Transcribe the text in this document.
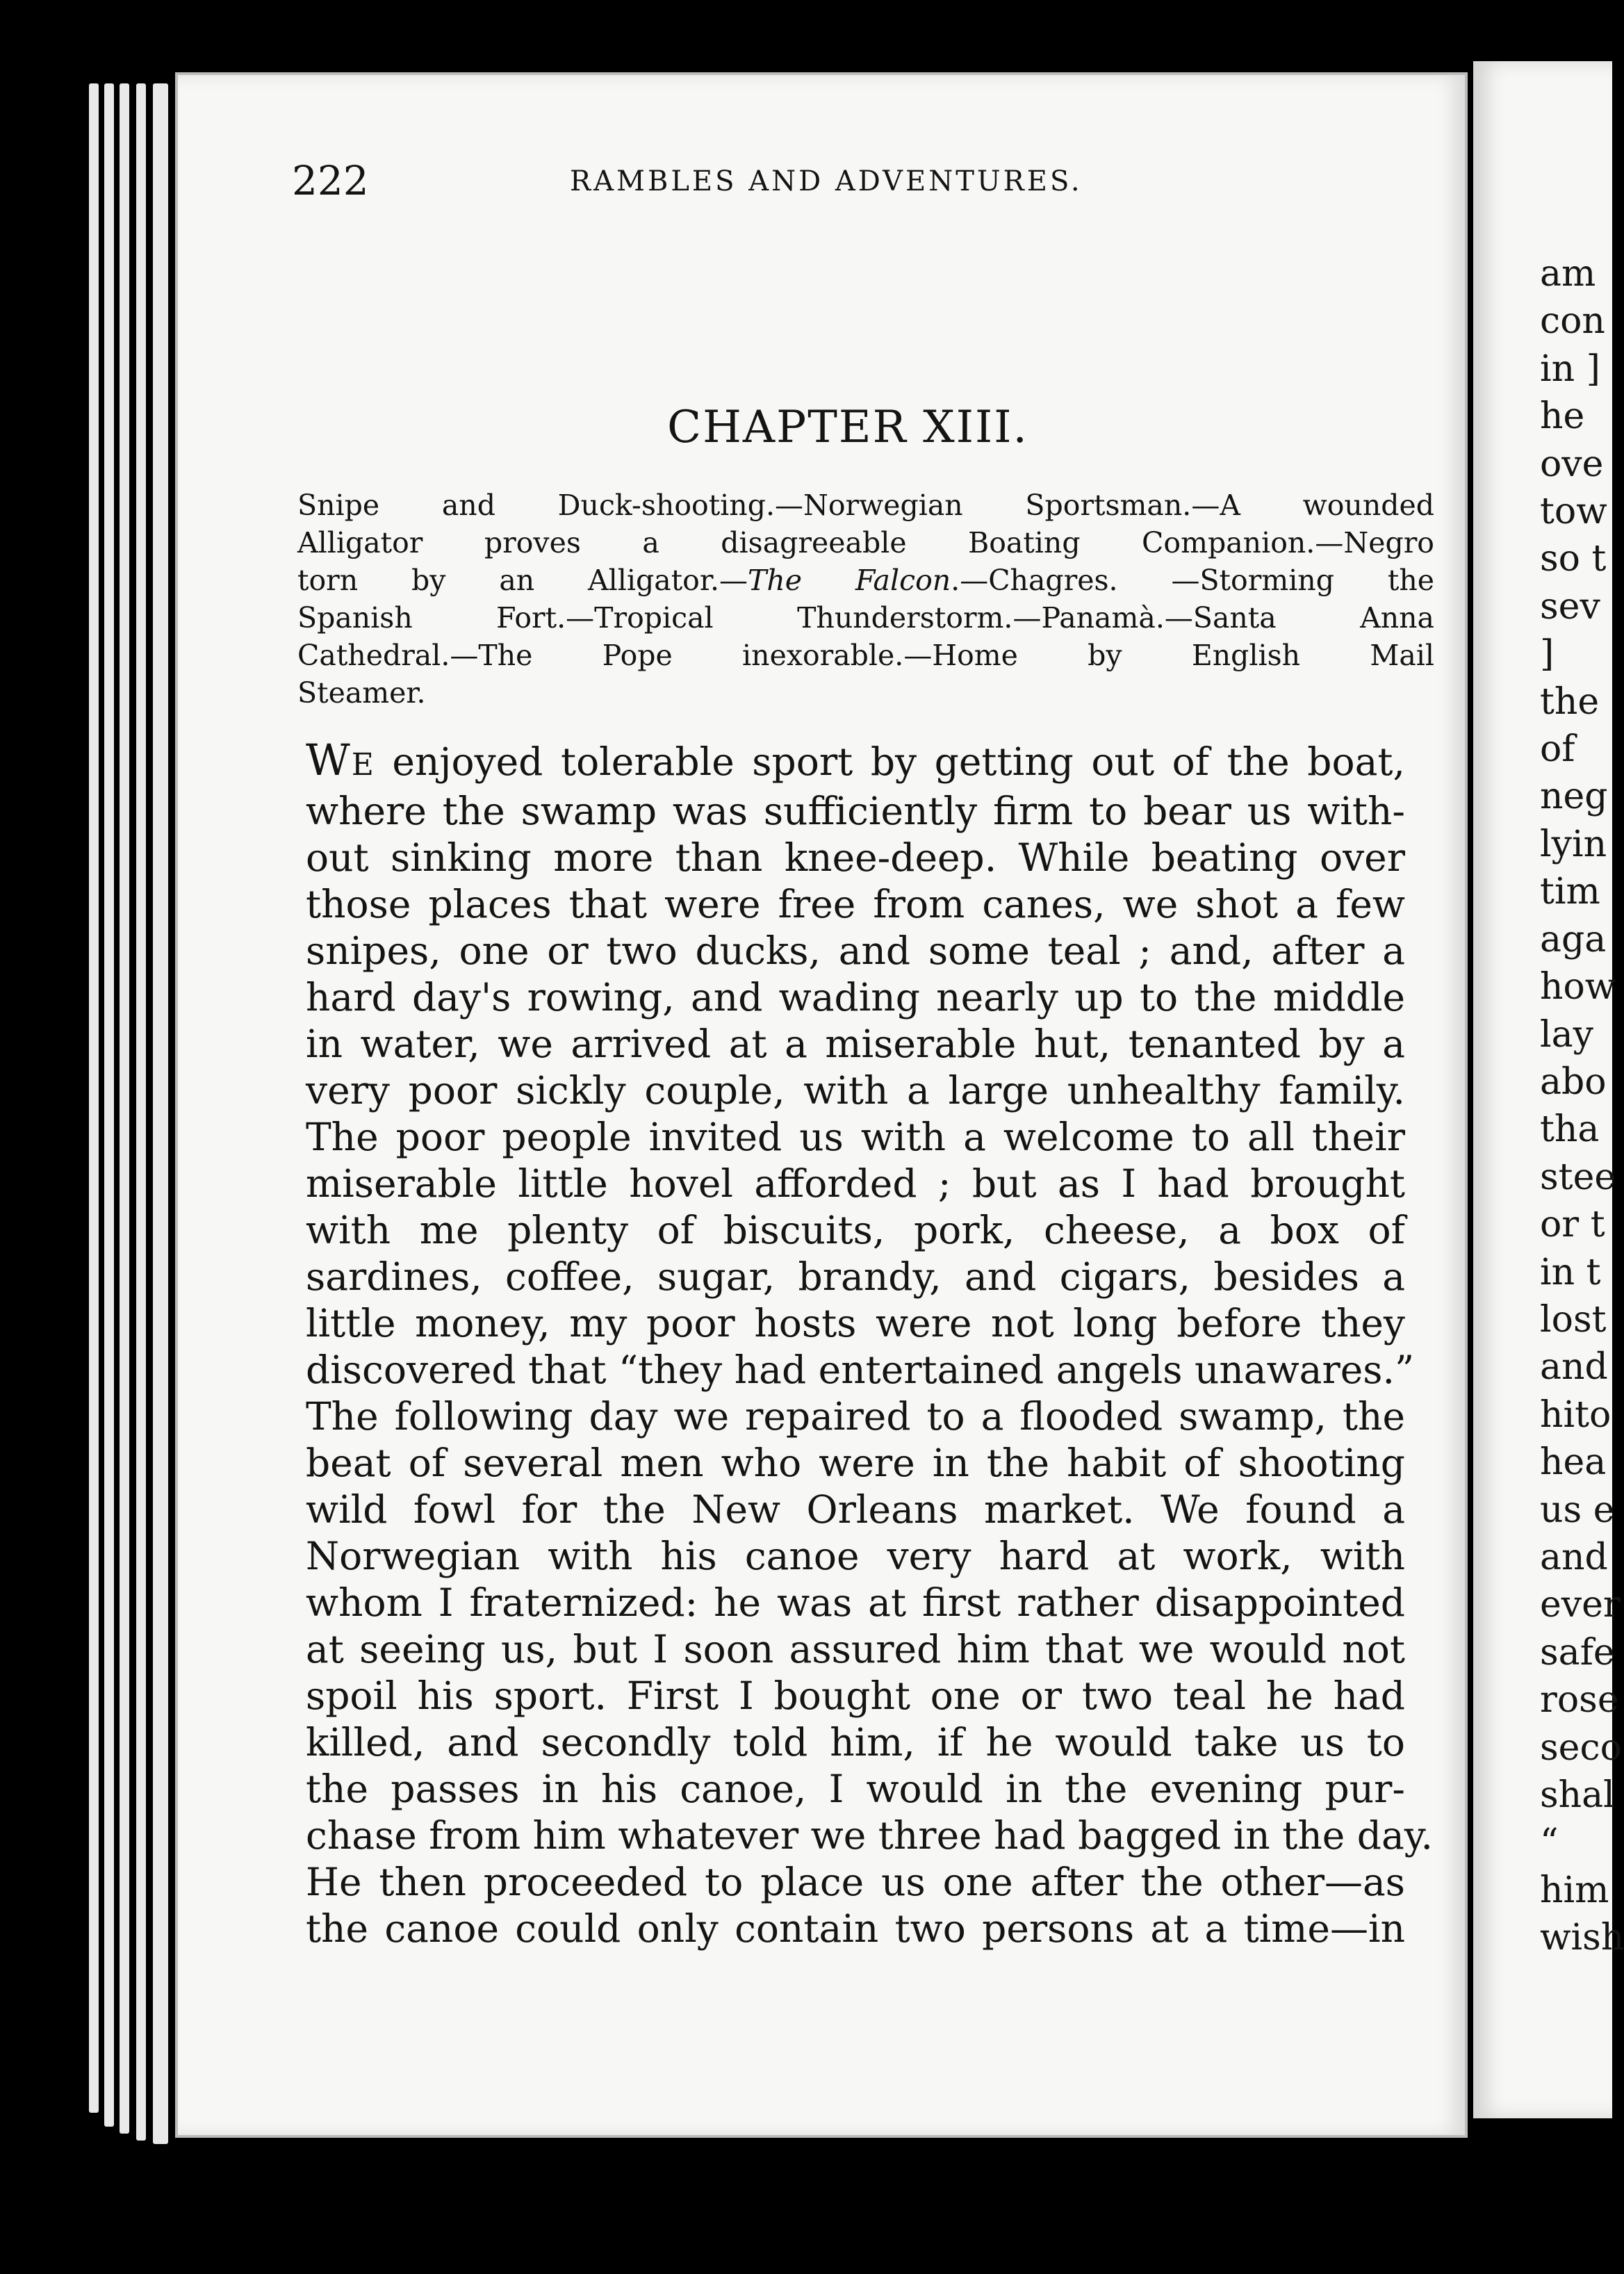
222	RAMBLES AND ADVENTURES.
CHAPTER XIII.
Snipe and Duck-shooting.—Norwegian Sportsman.—A wounded
Alligator proves a disagreeable Boating Companion.—Negro
torn by an Alligator.—The Falcon.—Chagres. —Storming the
Spanish Fort.—Tropical Thunderstorm.—Panamà.—Santa Anna
Cathedral.—The Pope inexorable.—Home by English Mail
Steamer.
WE enjoyed tolerable sport by getting out of the boat,
where the swamp was sufficiently firm to bear us with-
out sinking more than knee-deep. While beating over
those places that were free from canes, we shot a few
snipes, one or two ducks, and some teal ; and, after a
hard day's rowing, and wading nearly up to the middle
in water, we arrived at a miserable hut, tenanted by a
very poor sickly couple, with a large unhealthy family.
The poor people invited us with a welcome to all their
miserable little hovel afforded ; but as I had brought
with me plenty of biscuits, pork, cheese, a box of
sardines, coffee, sugar, brandy, and cigars, besides a
little money, my poor hosts were not long before they
discovered that “they had entertained angels unawares.”
The following day we repaired to a flooded swamp, the
beat of several men who were in the habit of shooting
wild fowl for the New Orleans market. We found a
Norwegian with his canoe very hard at work, with
whom I fraternized: he was at first rather disappointed
at seeing us, but I soon assured him that we would not
spoil his sport. First I bought one or two teal he had
killed, and secondly told him, if he would take us to
the passes in his canoe, I would in the evening pur-
chase from him whatever we three had bagged in the day.
He then proceeded to place us one after the other—as
the canoe could only contain two persons at a time—in
am
con
in ]
he
ove
tow
so t
sev
]
the
of
neg
lyin
tim
aga
how
lay
abo
tha
stee
or t
in t
lost
and
hito
hea
us e
and
ever
safe
rose
seco
shal
“
him
wish
